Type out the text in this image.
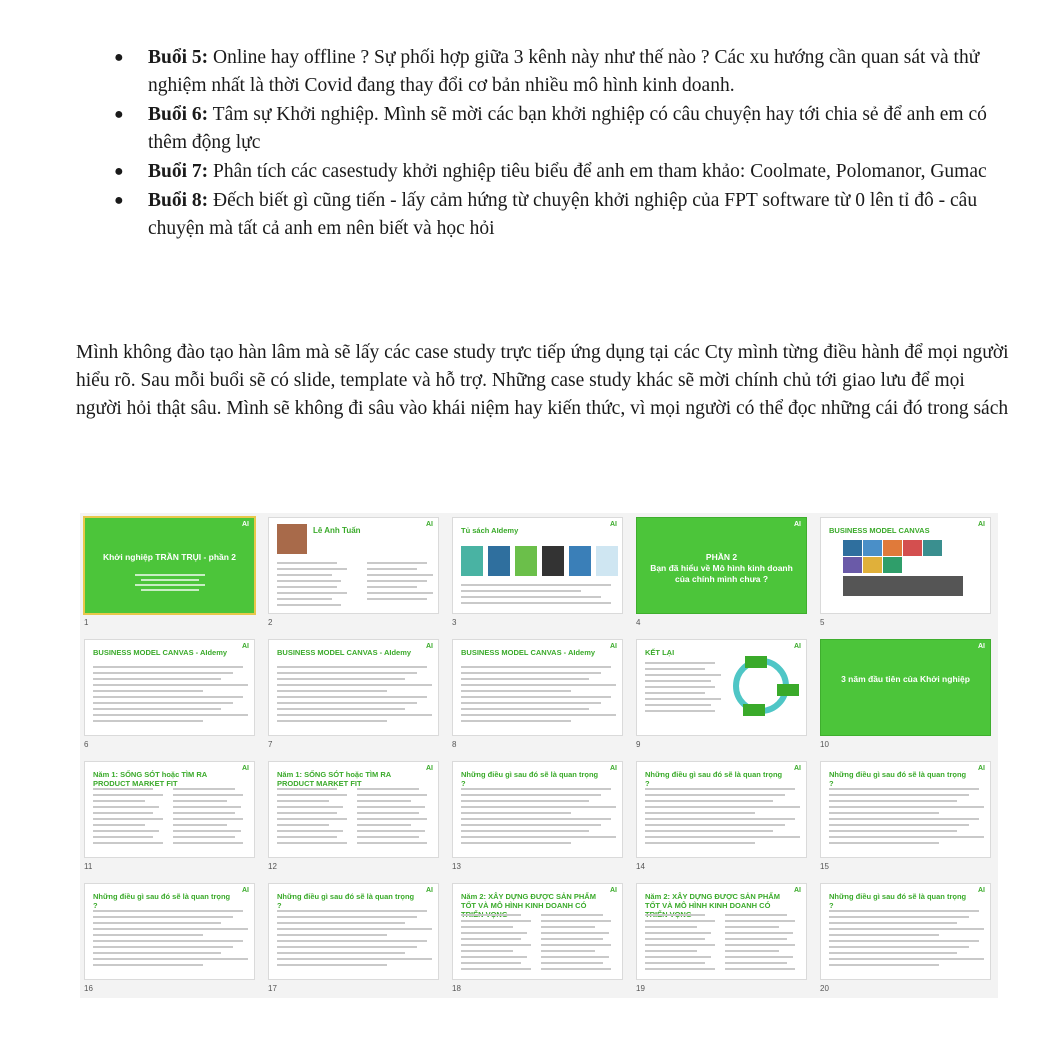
● Buổi 5: Online hay offline ? Sự phối hợp giữa 3 kênh này như thế nào ? Các xu hướng cần quan sát và thử nghiệm nhất là thời Covid đang thay đổi cơ bản nhiều mô hình kinh doanh.
● Buổi 6: Tâm sự Khởi nghiệp. Mình sẽ mời các bạn khởi nghiệp có câu chuyện hay tới chia sẻ để anh em có thêm động lực
● Buổi 7: Phân tích các casestudy khởi nghiệp tiêu biểu để anh em tham khảo: Coolmate, Polomanor, Gumac
● Buổi 8: Đếch biết gì cũng tiến - lấy cảm hứng từ chuyện khởi nghiệp của FPT software từ 0 lên tỉ đô - câu chuyện mà tất cả anh em nên biết và học hỏi

Mình không đào tạo hàn lâm mà sẽ lấy các case study trực tiếp ứng dụng tại các Cty mình từng điều hành để mọi người hiểu rõ. Sau mỗi buổi sẽ có slide, template và hỗ trợ. Những case study khác sẽ mời chính chủ tới giao lưu để mọi người hỏi thật sâu. Mình sẽ không đi sâu vào khái niệm hay kiến thức, vì mọi người có thể đọc những cái đó trong sách

AI
Khởi nghiệp TRẦN TRỤI - phần 2
1
AI
Lê Anh Tuấn
2
AI
Tủ sách AIdemy
3
AI
PHẦN 2
Bạn đã hiểu về Mô hình kinh doanh của chính mình chưa ?
4
AI
BUSINESS MODEL CANVAS
5
AI
BUSINESS MODEL CANVAS - AIdemy
6
AI
BUSINESS MODEL CANVAS - AIdemy
7
AI
BUSINESS MODEL CANVAS - AIdemy
8
AI
KẾT LẠI
9
AI
3 năm đầu tiên của Khởi nghiệp
10
AI
Năm 1: SỐNG SÓT hoặc TÌM RA PRODUCT MARKET FIT
11
AI
Năm 1: SỐNG SÓT hoặc TÌM RA PRODUCT MARKET FIT
12
AI
Những điều gì sau đó sẽ là quan trọng ?
13
AI
Những điều gì sau đó sẽ là quan trọng ?
14
AI
Những điều gì sau đó sẽ là quan trọng ?
15
AI
Những điều gì sau đó sẽ là quan trọng ?
16
AI
Những điều gì sau đó sẽ là quan trọng ?
17
AI
Năm 2: XÂY DỰNG ĐƯỢC SẢN PHẨM TỐT VÀ MÔ HÌNH KINH DOANH CÓ
18
AI
Năm 2: XÂY DỰNG ĐƯỢC SẢN PHẨM TỐT VÀ MÔ HÌNH KINH DOANH CÓ
19
AI
Những điều gì sau đó sẽ là quan trọng ?
20
